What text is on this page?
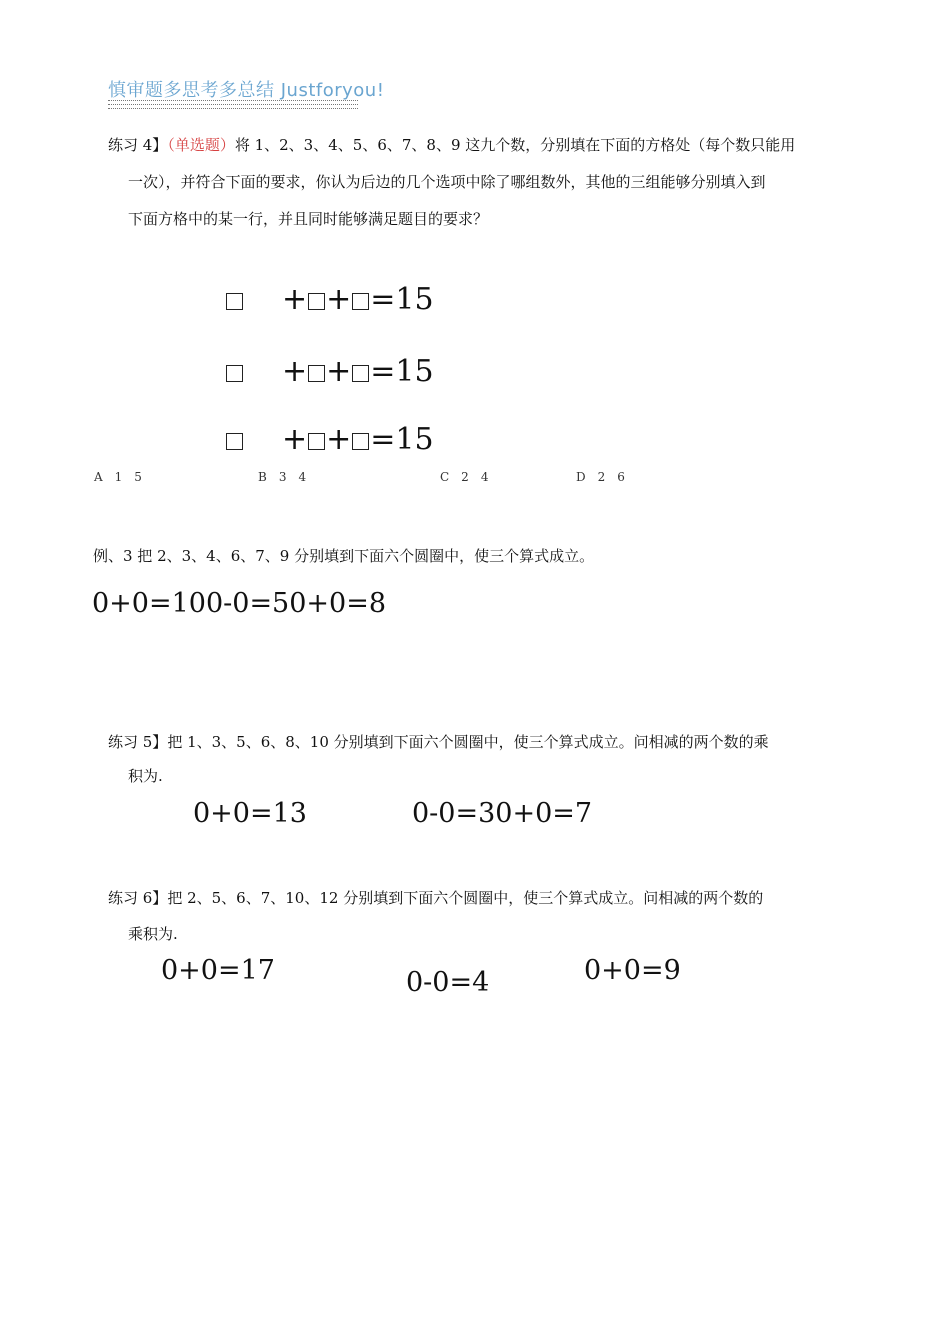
慎审题多思考多总结 Justforyou!
练习 4】（单选题）将 1、2、3、4、5、6、7、8、9 这九个数，分别填在下面的方格处（每个数只能用
一次），并符合下面的要求，你认为后边的几个选项中除了哪组数外，其他的三组能够分别填入到
下面方格中的某一行，并且同时能够满足题目的要求？
+ + =15
+ + =15
+ + =15
A　1　5	B　3　4	C　2　4	D　2　6
例、3 把 2、3、4、6、7、9 分别填到下面六个圆圈中，使三个算式成立。
0+0=100-0=50+0=8
练习 5】把 1、3、5、6、8、10 分别填到下面六个圆圈中，使三个算式成立。问相减的两个数的乘
积为.
0+0=13	0-0=30+0=7
练习 6】把 2、5、6、7、10、12 分别填到下面六个圆圈中，使三个算式成立。问相减的两个数的
乘积为.
0+0=17	0-0=4	0+0=9
